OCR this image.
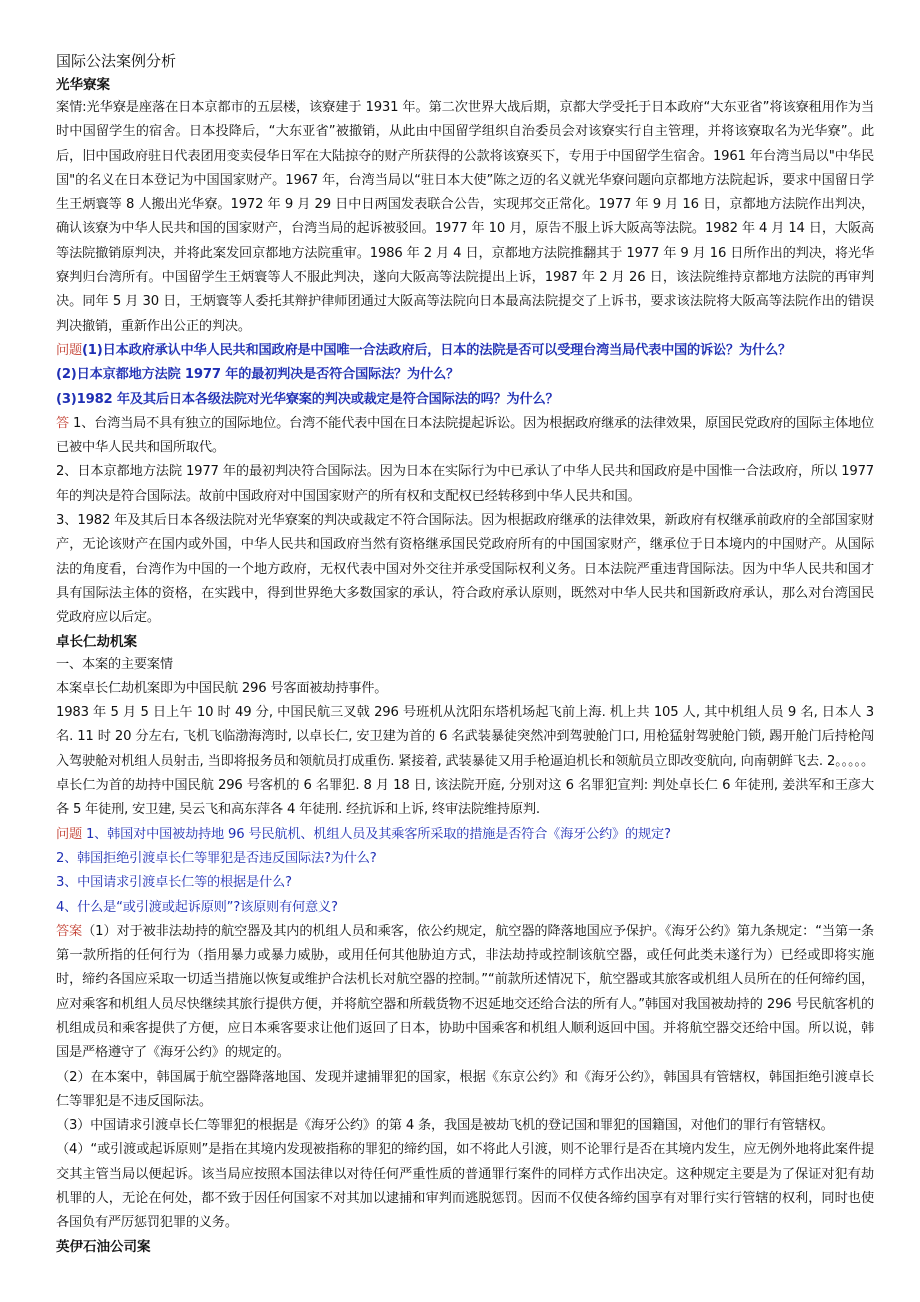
国际公法案例分析
光华寮案

案情:光华寮是座落在日本京都市的五层楼，该寮建于 1931 年。第二次世界大战后期，京都大学受托于日本政府“大东亚省”将该寮租用作为当时中国留学生的宿舍。日本投降后，“大东亚省”被撤销，从此由中国留学组织自治委员会对该寮实行自主管理，并将该寮取名为光华寮”。此后，旧中国政府驻日代表团用变卖侵华日军在大陆掠夺的财产所获得的公款将该寮买下，专用于中国留学生宿舍。1961 年台湾当局以"中华民国"的名义在日本登记为中国国家财产。1967 年，台湾当局以“驻日本大使”陈之迈的名义就光华寮问题向京都地方法院起诉，要求中国留日学生王炳寰等 8 人搬出光华寮。1972 年 9 月 29 日中日两国发表联合公告，实现邦交正常化。1977 年 9 月 16 日，京都地方法院作出判决，确认该寮为中华人民共和国的国家财产，台湾当局的起诉被驳回。1977 年 10 月，原告不服上诉大阪高等法院。1982 年 4 月 14 日，大阪高等法院撤销原判决，并将此案发回京都地方法院重审。1986 年 2 月 4 日，京都地方法院推翻其于 1977 年 9 月 16 日所作出的判决，将光华寮判归台湾所有。中国留学生王炳寰等人不服此判决，遂向大阪高等法院提出上诉，1987 年 2 月 26 日，该法院维持京都地方法院的再审判决。同年 5 月 30 日，王炳寰等人委托其辩护律师团通过大阪高等法院向日本最高法院提交了上诉书，要求该法院将大阪高等法院作出的错误判决撤销，重新作出公正的判决。

问题(1)日本政府承认中华人民共和国政府是中国唯一合法政府后，日本的法院是否可以受理台湾当局代表中国的诉讼？为什么？

(2)日本京都地方法院 1977 年的最初判决是否符合国际法？为什么？

(3)1982 年及其后日本各级法院对光华寮案的判决或裁定是符合国际法的吗？为什么？

答 1、台湾当局不具有独立的国际地位。台湾不能代表中国在日本法院提起诉讼。因为根据政府继承的法律效果，原国民党政府的国际主体地位已被中华人民共和国所取代。

2、日本京都地方法院 1977 年的最初判决符合国际法。因为日本在实际行为中已承认了中华人民共和国政府是中国惟一合法政府，所以 1977 年的判决是符合国际法。故前中国政府对中国国家财产的所有权和支配权已经转移到中华人民共和国。

3、1982 年及其后日本各级法院对光华寮案的判决或裁定不符合国际法。因为根据政府继承的法律效果，新政府有权继承前政府的全部国家财产，无论该财产在国内或外国，中华人民共和国政府当然有资格继承国民党政府所有的中国国家财产，继承位于日本境内的中国财产。从国际法的角度看，台湾作为中国的一个地方政府，无权代表中国对外交往并承受国际权利义务。日本法院严重违背国际法。因为中华人民共和国才具有国际法主体的资格，在实践中，得到世界绝大多数国家的承认，符合政府承认原则，既然对中华人民共和国新政府承认，那么对台湾国民党政府应以后定。

卓长仁劫机案

一、本案的主要案情

本案卓长仁劫机案即为中国民航 296 号客面被劫持事件。

1983 年 5 月 5 日上午 10 时 49 分, 中国民航三叉戟 296 号班机从沈阳东塔机场起飞前上海. 机上共 105 人, 其中机组人员 9 名, 日本人 3 名. 11 时 20 分左右, 飞机飞临渤海湾时, 以卓长仁, 安卫建为首的 6 名武装暴徒突然冲到驾驶舱门口, 用枪猛射驾驶舱门锁, 踢开舱门后持枪闯入驾驶舱对机组人员射击, 当即将报务员和领航员打成重伤. 紧接着, 武装暴徒又用手枪逼迫机长和领航员立即改变航向, 向南朝鲜飞去. 2。。。。。卓长仁为首的劫持中国民航 296 号客机的 6 名罪犯. 8 月 18 日, 该法院开庭, 分别对这 6 名罪犯宣判: 判处卓长仁 6 年徒刑, 姜洪军和王彦大各 5 年徒刑, 安卫建, 吴云飞和高东萍各 4 年徒刑. 经抗诉和上诉, 终审法院维持原判.

问题 1、韩国对中国被劫持地 96 号民航机、机组人员及其乘客所采取的措施是否符合《海牙公约》的规定?

2、韩国拒绝引渡卓长仁等罪犯是否违反国际法?为什么?

3、中国请求引渡卓长仁等的根据是什么?

4、什么是“或引渡或起诉原则”?该原则有何意义?

答案（1）对于被非法劫持的航空器及其内的机组人员和乘客，依公约规定，航空器的降落地国应予保护。《海牙公约》第九条规定：“当第一条第一款所指的任何行为（指用暴力或暴力威胁，或用任何其他胁迫方式，非法劫持或控制该航空器，或任何此类未遂行为）已经或即将实施时，缔约各国应采取一切适当措施以恢复或维护合法机长对航空器的控制。”“前款所述情况下，航空器或其旅客或机组人员所在的任何缔约国，应对乘客和机组人员尽快继续其旅行提供方便，并将航空器和所载货物不迟延地交还给合法的所有人。”韩国对我国被劫持的 296 号民航客机的机组成员和乘客提供了方便，应日本乘客要求让他们返回了日本，协助中国乘客和机组人顺利返回中国。并将航空器交还给中国。所以说，韩国是严格遵守了《海牙公约》的规定的。

（2）在本案中，韩国属于航空器降落地国、发现并逮捕罪犯的国家，根据《东京公约》和《海牙公约》，韩国具有管辖权，韩国拒绝引渡卓长仁等罪犯是不违反国际法。

（3）中国请求引渡卓长仁等罪犯的根据是《海牙公约》的第 4 条，我国是被劫飞机的登记国和罪犯的国籍国，对他们的罪行有管辖权。

（4）“或引渡或起诉原则”是指在其境内发现被指称的罪犯的缔约国，如不将此人引渡，则不论罪行是否在其境内发生，应无例外地将此案件提交其主管当局以便起诉。该当局应按照本国法律以对待任何严重性质的普通罪行案件的同样方式作出决定。这种规定主要是为了保证对犯有劫机罪的人，无论在何处，都不致于因任何国家不对其加以逮捕和审判而逃脱惩罚。因而不仅使各缔约国享有对罪行实行管辖的权利，同时也使各国负有严厉惩罚犯罪的义务。

英伊石油公司案
